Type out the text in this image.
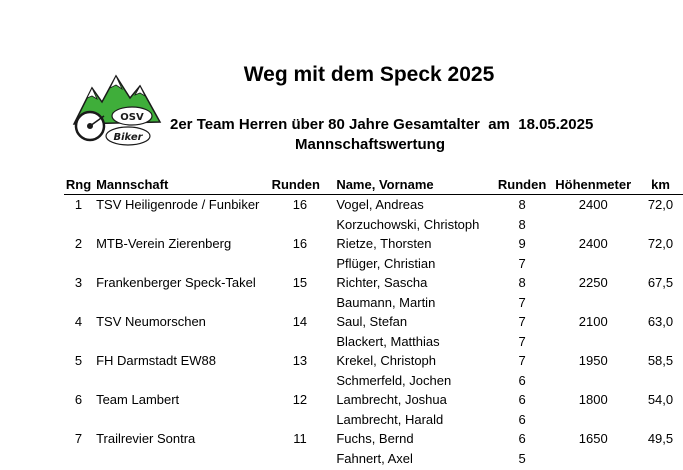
OSV
Biker
Weg mit dem Speck 2025
2er Team Herren über 80 Jahre Gesamtalter  am  18.05.2025
Mannschaftswertung
Rng	Mannschaft	Runden	Name, Vorname	Runden	Höhenmeter	km
1	TSV Heiligenrode / Funbiker	16	Vogel, Andreas	8	2400	72,0
			Korzuchowski, Christoph	8		
2	MTB-Verein Zierenberg	16	Rietze, Thorsten	9	2400	72,0
			Pflüger, Christian	7		
3	Frankenberger Speck-Takel	15	Richter, Sascha	8	2250	67,5
			Baumann, Martin	7		
4	TSV Neumorschen	14	Saul, Stefan	7	2100	63,0
			Blackert, Matthias	7		
5	FH Darmstadt EW88	13	Krekel, Christoph	7	1950	58,5
			Schmerfeld, Jochen	6		
6	Team Lambert	12	Lambrecht, Joshua	6	1800	54,0
			Lambrecht, Harald	6		
7	Trailrevier Sontra	11	Fuchs, Bernd	6	1650	49,5
			Fahnert, Axel	5		
